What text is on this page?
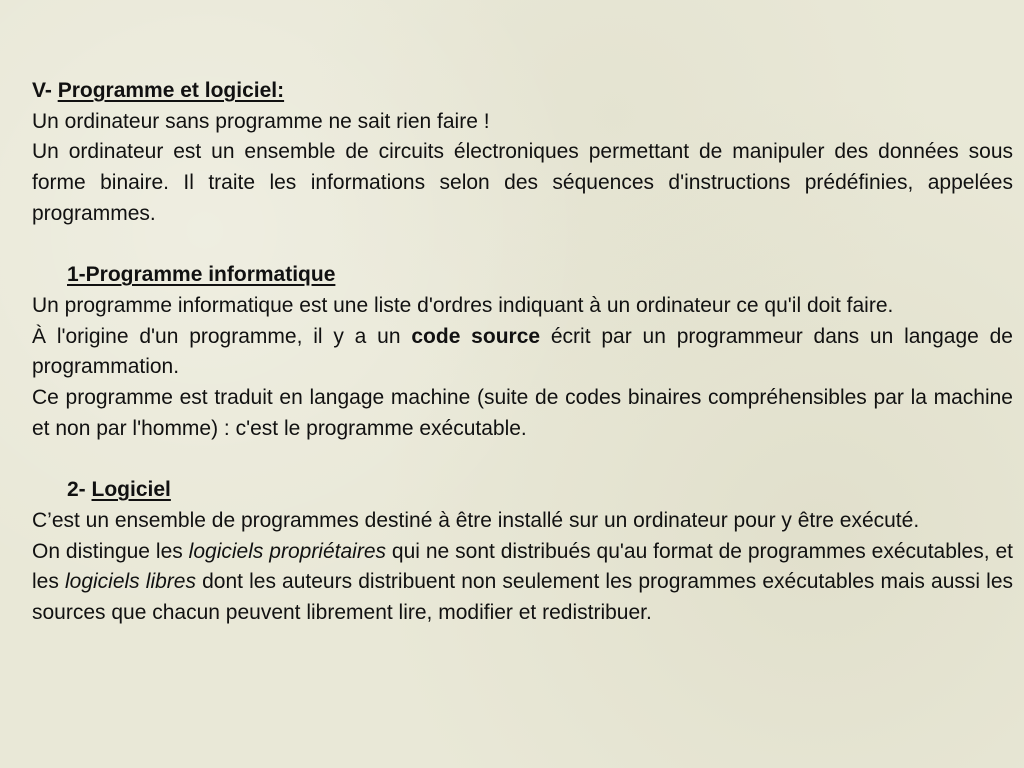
V- Programme et logiciel:

Un ordinateur sans programme ne sait rien faire !

Un ordinateur est un ensemble de circuits électroniques permettant de manipuler des données sous forme binaire. Il traite les informations selon des séquences d'instructions prédéfinies, appelées programmes.

1-Programme informatique

Un programme informatique est une liste d'ordres indiquant à un ordinateur ce qu'il doit faire.

À l'origine d'un programme, il y a un code source écrit par un programmeur dans un langage de programmation.

Ce programme est traduit en langage machine (suite de codes binaires compréhensibles par la machine et non par l'homme) : c'est le programme exécutable.

2- Logiciel

C’est un ensemble de programmes destiné à être installé sur un ordinateur pour y être exécuté.

On distingue les logiciels propriétaires qui ne sont distribués qu'au format de programmes exécutables, et les logiciels libres dont les auteurs distribuent non seulement les programmes exécutables mais aussi les sources que chacun peuvent librement lire, modifier et redistribuer.
